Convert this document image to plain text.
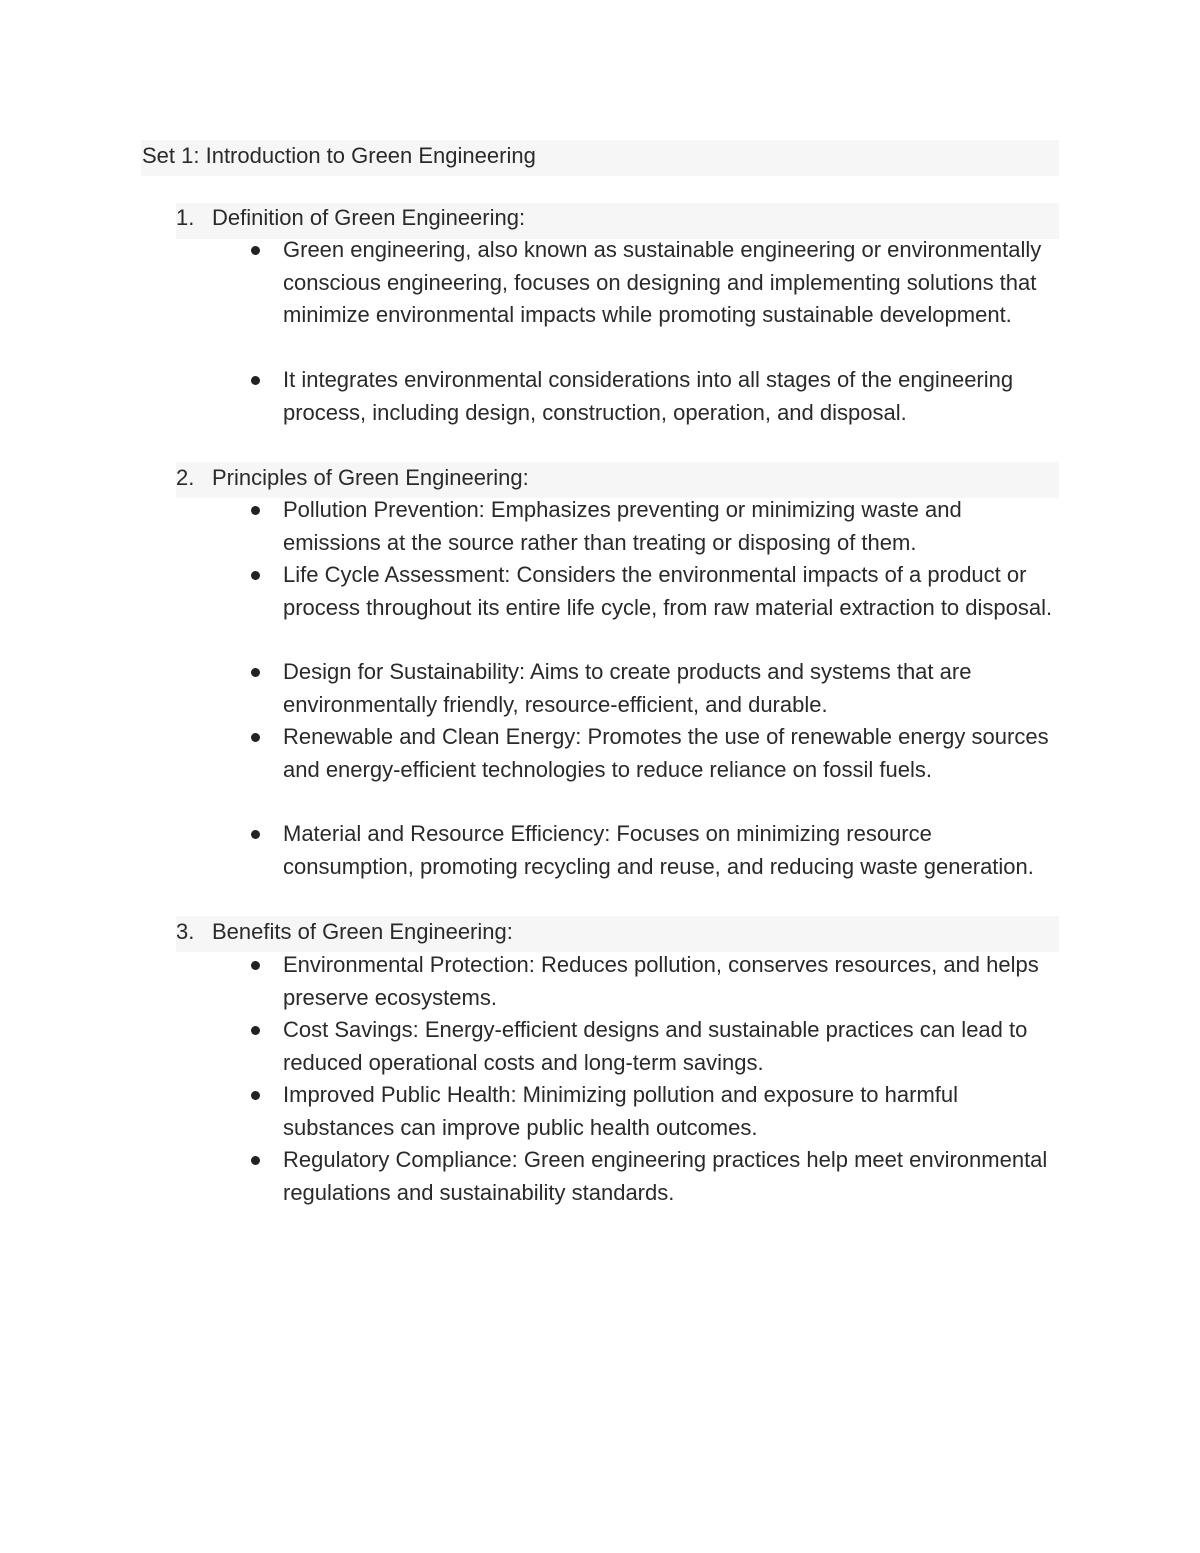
Set 1: Introduction to Green Engineering
1. Definition of Green Engineering:

Green engineering, also known as sustainable engineering or environmentally conscious engineering, focuses on designing and implementing solutions that minimize environmental impacts while promoting sustainable development.

It integrates environmental considerations into all stages of the engineering process, including design, construction, operation, and disposal.

2. Principles of Green Engineering:

Pollution Prevention: Emphasizes preventing or minimizing waste and emissions at the source rather than treating or disposing of them.

Life Cycle Assessment: Considers the environmental impacts of a product or process throughout its entire life cycle, from raw material extraction to disposal.

Design for Sustainability: Aims to create products and systems that are environmentally friendly, resource-efficient, and durable.

Renewable and Clean Energy: Promotes the use of renewable energy sources and energy-efficient technologies to reduce reliance on fossil fuels.

Material and Resource Efficiency: Focuses on minimizing resource consumption, promoting recycling and reuse, and reducing waste generation.

3. Benefits of Green Engineering:

Environmental Protection: Reduces pollution, conserves resources, and helps preserve ecosystems.

Cost Savings: Energy-efficient designs and sustainable practices can lead to reduced operational costs and long-term savings.

Improved Public Health: Minimizing pollution and exposure to harmful substances can improve public health outcomes.

Regulatory Compliance: Green engineering practices help meet environmental regulations and sustainability standards.
